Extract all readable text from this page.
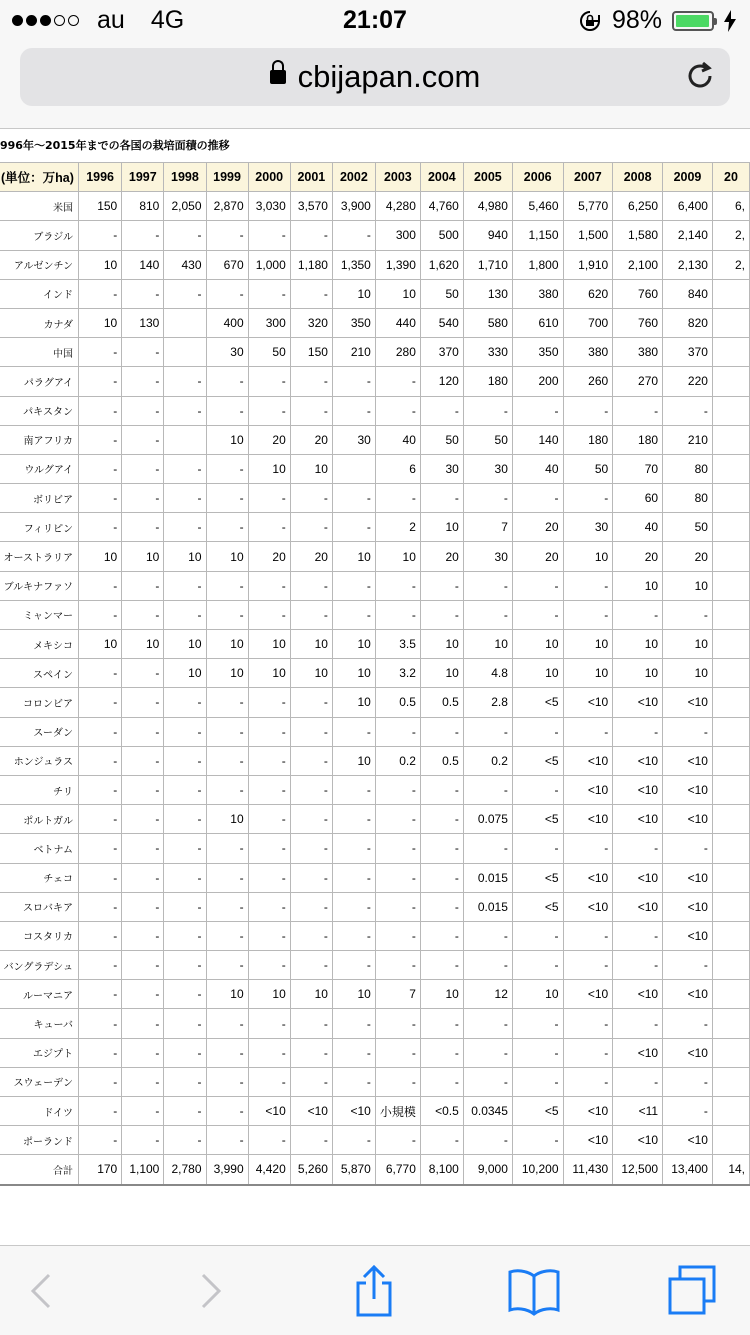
au 4G	21:07	98%
cbijapan.com
996年〜2015年までの各国の栽培面積の推移
(単位：万ha)	1996	1997	1998	1999	2000	2001	2002	2003	2004	2005	2006	2007	2008	2009	20
米国	150	810	2,050	2,870	3,030	3,570	3,900	4,280	4,760	4,980	5,460	5,770	6,250	6,400	6,
ブラジル	-	-	-	-	-	-	-	300	500	940	1,150	1,500	1,580	2,140	2,
アルゼンチン	10	140	430	670	1,000	1,180	1,350	1,390	1,620	1,710	1,800	1,910	2,100	2,130	2,
インド	-	-	-	-	-	-	10	10	50	130	380	620	760	840	
カナダ	10	130		400	300	320	350	440	540	580	610	700	760	820	
中国	-	-		30	50	150	210	280	370	330	350	380	380	370	
パラグアイ	-	-	-	-	-	-	-	-	120	180	200	260	270	220	
パキスタン	-	-	-	-	-	-	-	-	-	-	-	-	-	-	
南アフリカ	-	-		10	20	20	30	40	50	50	140	180	180	210	
ウルグアイ	-	-	-	-	10	10		6	30	30	40	50	70	80	
ボリビア	-	-	-	-	-	-	-	-	-	-	-	-	60	80	
フィリピン	-	-	-	-	-	-	-	2	10	7	20	30	40	50	
オーストラリア	10	10	10	10	20	20	10	10	20	30	20	10	20	20	
ブルキナファソ	-	-	-	-	-	-	-	-	-	-	-	-	10	10	
ミャンマー	-	-	-	-	-	-	-	-	-	-	-	-	-	-	
メキシコ	10	10	10	10	10	10	10	3.5	10	10	10	10	10	10	
スペイン	-	-	10	10	10	10	10	3.2	10	4.8	10	10	10	10	
コロンビア	-	-	-	-	-	-	10	0.5	0.5	2.8	<5	<10	<10	<10	
スーダン	-	-	-	-	-	-	-	-	-	-	-	-	-	-	
ホンジュラス	-	-	-	-	-	-	10	0.2	0.5	0.2	<5	<10	<10	<10	
チリ	-	-	-	-	-	-	-	-	-	-	-	<10	<10	<10	
ポルトガル	-	-	-	10	-	-	-	-	-	0.075	<5	<10	<10	<10	
ベトナム	-	-	-	-	-	-	-	-	-	-	-	-	-	-	
チェコ	-	-	-	-	-	-	-	-	-	0.015	<5	<10	<10	<10	
スロバキア	-	-	-	-	-	-	-	-	-	0.015	<5	<10	<10	<10	
コスタリカ	-	-	-	-	-	-	-	-	-	-	-	-	-	<10	
バングラデシュ	-	-	-	-	-	-	-	-	-	-	-	-	-	-	
ルーマニア	-	-	-	10	10	10	10	7	10	12	10	<10	<10	<10	
キューバ	-	-	-	-	-	-	-	-	-	-	-	-	-	-	
エジプト	-	-	-	-	-	-	-	-	-	-	-	-	<10	<10	
スウェーデン	-	-	-	-	-	-	-	-	-	-	-	-	-	-	
ドイツ	-	-	-	-	<10	<10	<10	小規模	<0.5	0.0345	<5	<10	<11	-	
ポーランド	-	-	-	-	-	-	-	-	-	-	-	<10	<10	<10	
合計	170	1,100	2,780	3,990	4,420	5,260	5,870	6,770	8,100	9,000	10,200	11,430	12,500	13,400	14,
